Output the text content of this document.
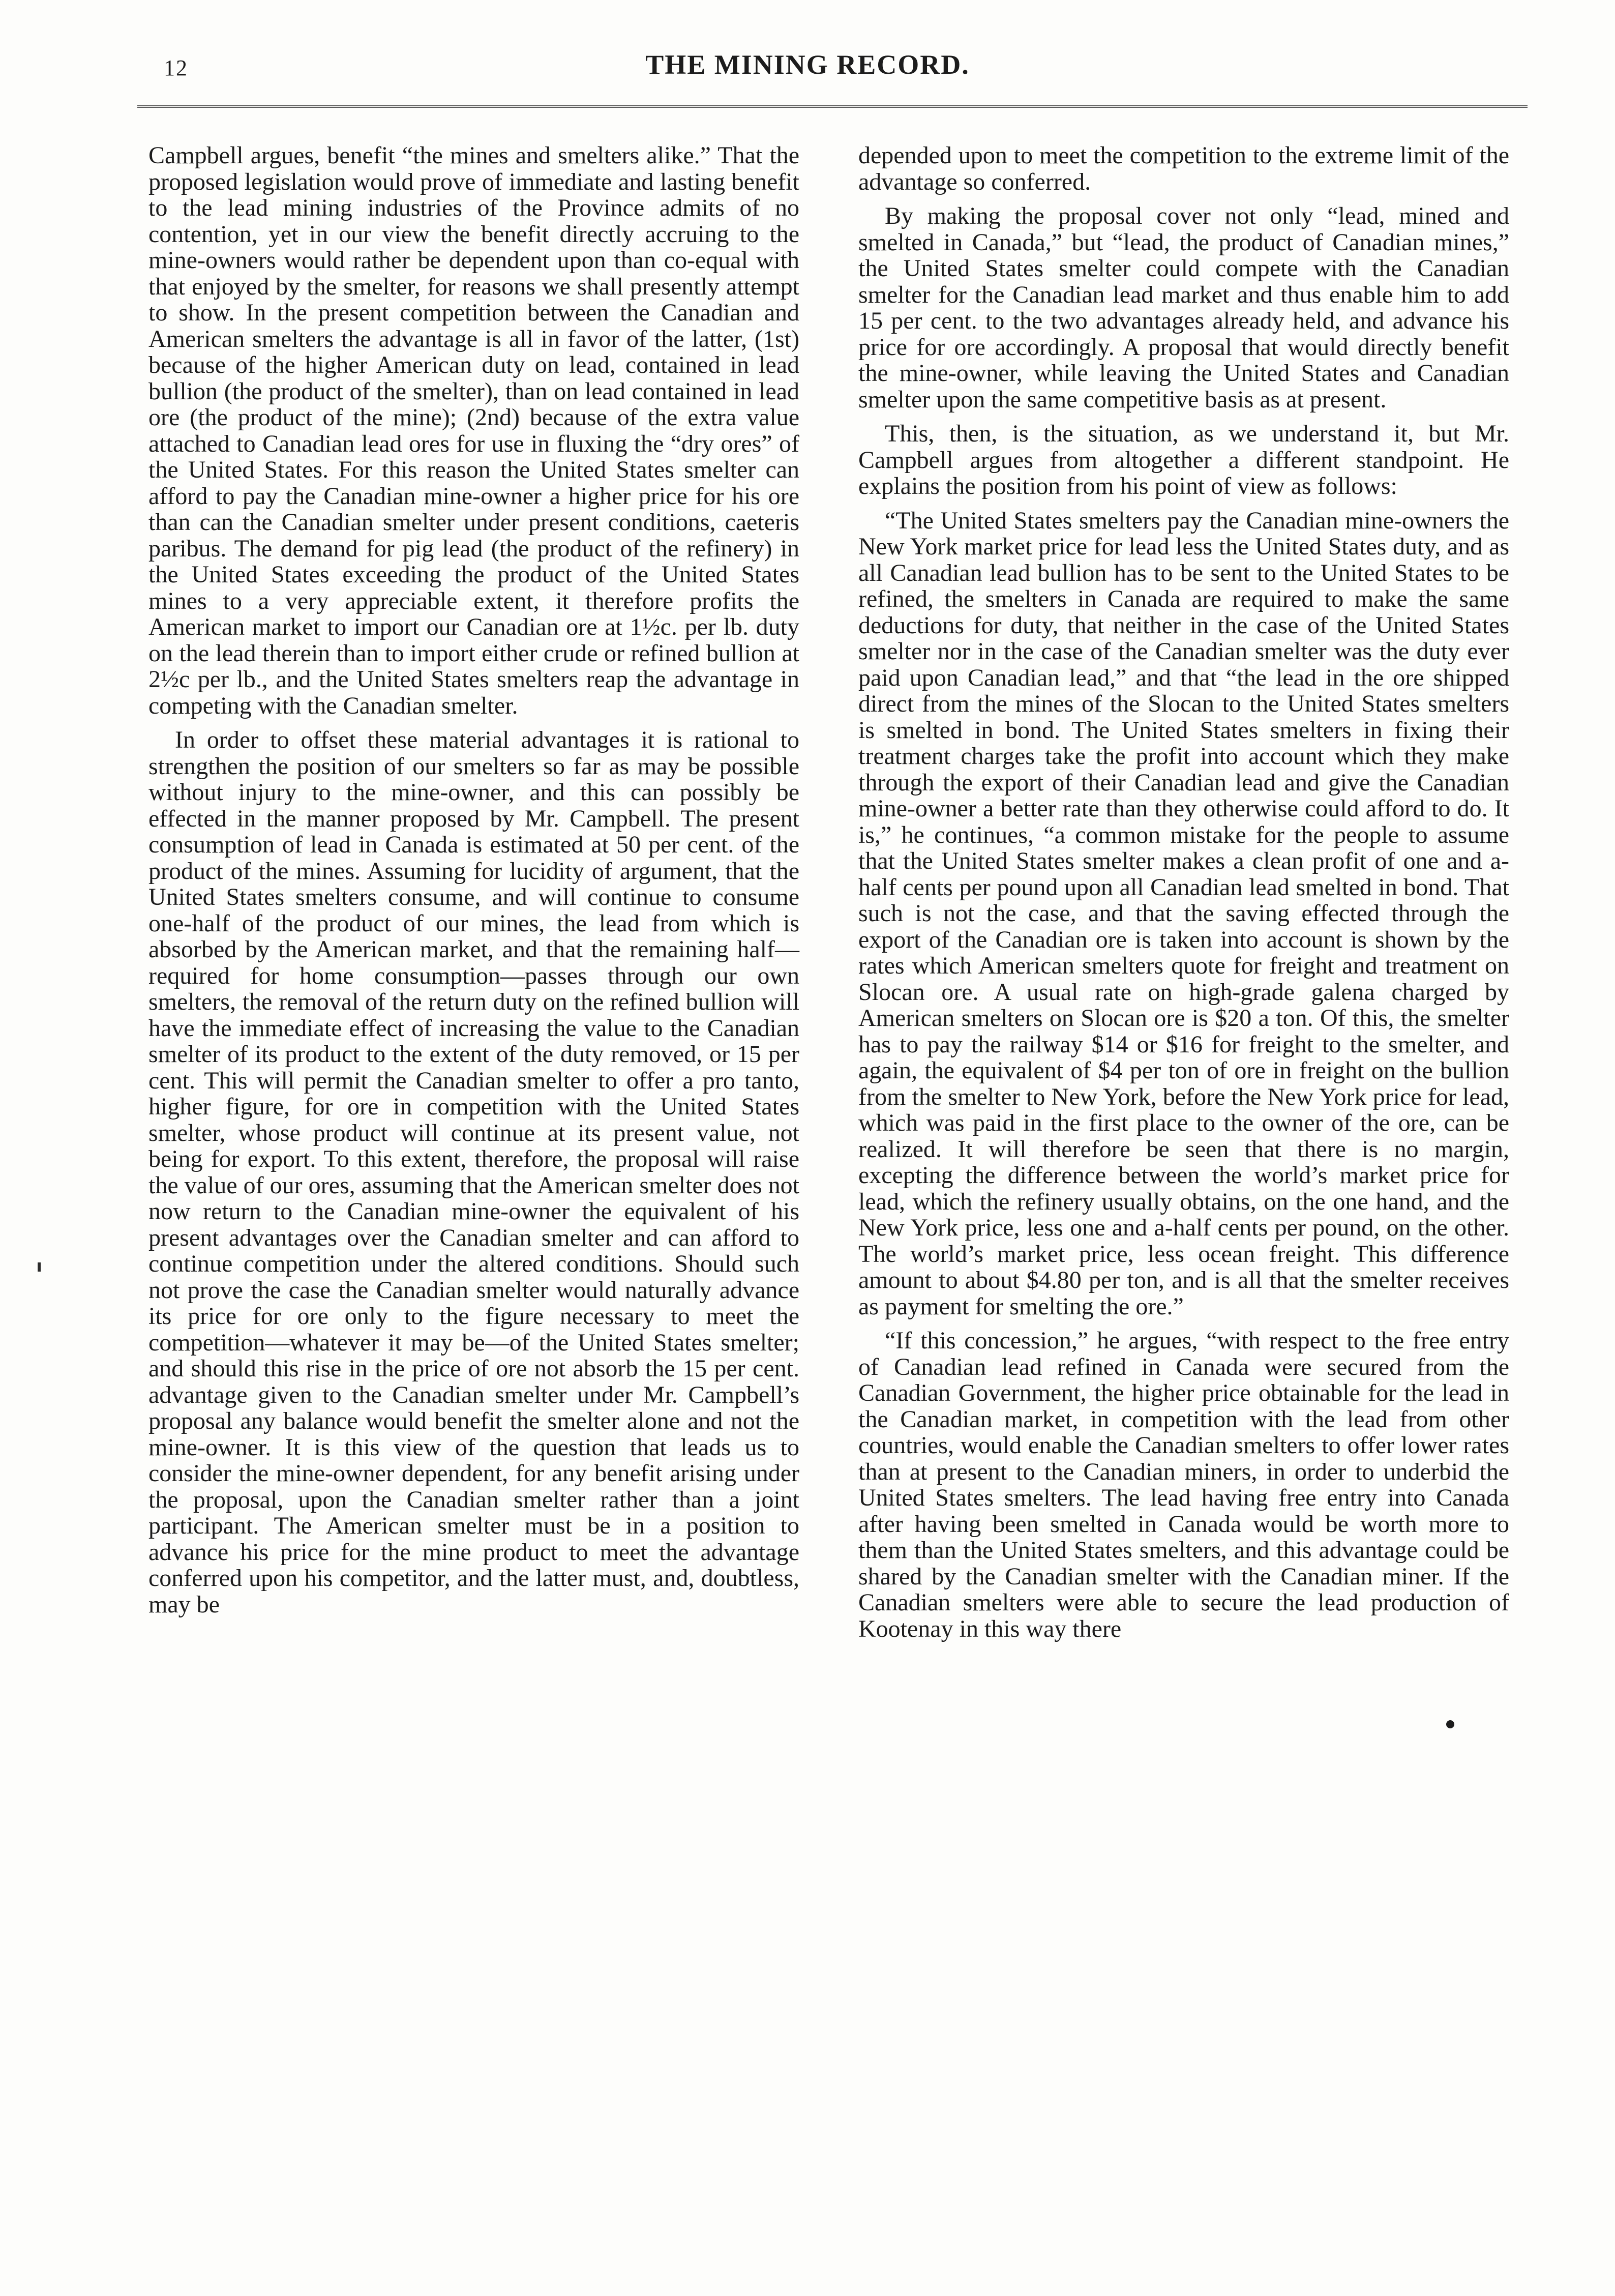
12	THE MINING RECORD.

Campbell argues, benefit “the mines and smelters alike.” That the proposed legislation would prove of immediate and lasting benefit to the lead mining industries of the Province admits of no contention, yet in our view the benefit directly accruing to the mine-owners would rather be dependent upon than co-equal with that enjoyed by the smelter, for reasons we shall presently attempt to show. In the present competition between the Canadian and American smelters the advantage is all in favor of the latter, (1st) because of the higher American duty on lead, contained in lead bullion (the product of the smelter), than on lead contained in lead ore (the product of the mine); (2nd) because of the extra value attached to Canadian lead ores for use in fluxing the “dry ores” of the United States. For this reason the United States smelter can afford to pay the Canadian mine-owner a higher price for his ore than can the Canadian smelter under present conditions, caeteris paribus. The demand for pig lead (the product of the refinery) in the United States exceeding the product of the United States mines to a very appreciable extent, it therefore profits the American market to import our Canadian ore at 1½c. per lb. duty on the lead therein than to import either crude or refined bullion at 2½c per lb., and the United States smelters reap the advantage in competing with the Canadian smelter.

In order to offset these material advantages it is rational to strengthen the position of our smelters so far as may be possible without injury to the mine-owner, and this can possibly be effected in the manner proposed by Mr. Campbell. The present consumption of lead in Canada is estimated at 50 per cent. of the product of the mines. Assuming for lucidity of argument, that the United States smelters consume, and will continue to consume one-half of the product of our mines, the lead from which is absorbed by the American market, and that the remaining half—required for home consumption—passes through our own smelters, the removal of the return duty on the refined bullion will have the immediate effect of increasing the value to the Canadian smelter of its product to the extent of the duty removed, or 15 per cent. This will permit the Canadian smelter to offer a pro tanto, higher figure, for ore in competition with the United States smelter, whose product will continue at its present value, not being for export. To this extent, therefore, the proposal will raise the value of our ores, assuming that the American smelter does not now return to the Canadian mine-owner the equivalent of his present advantages over the Canadian smelter and can afford to continue competition under the altered conditions. Should such not prove the case the Canadian smelter would naturally advance its price for ore only to the figure necessary to meet the competition—whatever it may be—of the United States smelter; and should this rise in the price of ore not absorb the 15 per cent. advantage given to the Canadian smelter under Mr. Campbell’s proposal any balance would benefit the smelter alone and not the mine-owner. It is this view of the question that leads us to consider the mine-owner dependent, for any benefit arising under the proposal, upon the Canadian smelter rather than a joint participant. The American smelter must be in a position to advance his price for the mine product to meet the advantage conferred upon his competitor, and the latter must, and, doubtless, may be

depended upon to meet the competition to the extreme limit of the advantage so conferred.

By making the proposal cover not only “lead, mined and smelted in Canada,” but “lead, the product of Canadian mines,” the United States smelter could compete with the Canadian smelter for the Canadian lead market and thus enable him to add 15 per cent. to the two advantages already held, and advance his price for ore accordingly. A proposal that would directly benefit the mine-owner, while leaving the United States and Canadian smelter upon the same competitive basis as at present.

This, then, is the situation, as we understand it, but Mr. Campbell argues from altogether a different standpoint. He explains the position from his point of view as follows:

“The United States smelters pay the Canadian mine-owners the New York market price for lead less the United States duty, and as all Canadian lead bullion has to be sent to the United States to be refined, the smelters in Canada are required to make the same deductions for duty, that neither in the case of the United States smelter nor in the case of the Canadian smelter was the duty ever paid upon Canadian lead,” and that “the lead in the ore shipped direct from the mines of the Slocan to the United States smelters is smelted in bond. The United States smelters in fixing their treatment charges take the profit into account which they make through the export of their Canadian lead and give the Canadian mine-owner a better rate than they otherwise could afford to do. It is,” he continues, “a common mistake for the people to assume that the United States smelter makes a clean profit of one and a-half cents per pound upon all Canadian lead smelted in bond. That such is not the case, and that the saving effected through the export of the Canadian ore is taken into account is shown by the rates which American smelters quote for freight and treatment on Slocan ore. A usual rate on high-grade galena charged by American smelters on Slocan ore is $20 a ton. Of this, the smelter has to pay the railway $14 or $16 for freight to the smelter, and again, the equivalent of $4 per ton of ore in freight on the bullion from the smelter to New York, before the New York price for lead, which was paid in the first place to the owner of the ore, can be realized. It will therefore be seen that there is no margin, excepting the difference between the world’s market price for lead, which the refinery usually obtains, on the one hand, and the New York price, less one and a-half cents per pound, on the other. The world’s market price, less ocean freight. This difference amount to about $4.80 per ton, and is all that the smelter receives as payment for smelting the ore.”

“If this concession,” he argues, “with respect to the free entry of Canadian lead refined in Canada were secured from the Canadian Government, the higher price obtainable for the lead in the Canadian market, in competition with the lead from other countries, would enable the Canadian smelters to offer lower rates than at present to the Canadian miners, in order to underbid the United States smelters. The lead having free entry into Canada after having been smelted in Canada would be worth more to them than the United States smelters, and this advantage could be shared by the Canadian smelter with the Canadian miner. If the Canadian smelters were able to secure the lead production of Kootenay in this way there
